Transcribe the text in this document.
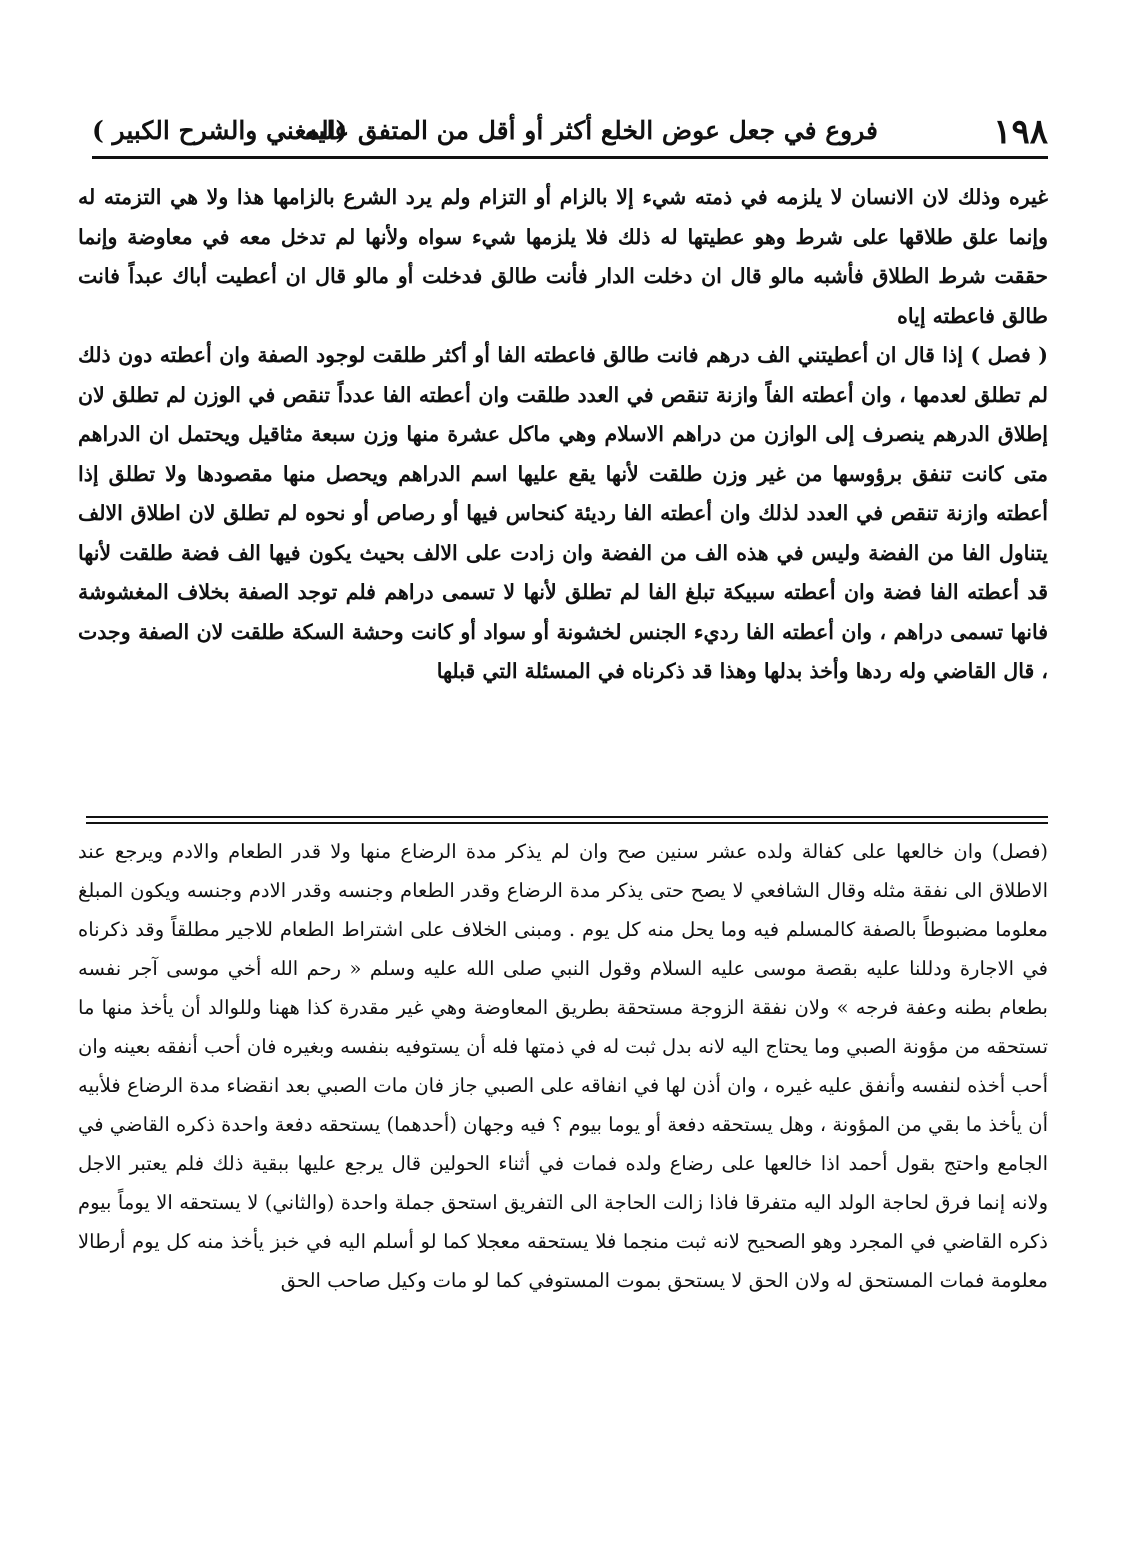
١٩٨
فروع في جعل عوض الخلع أكثر أو أقل من المتفق عليه
(المغني والشرح الكبير )

غيره وذلك لان الانسان لا يلزمه في ذمته شيء إلا بالزام أو التزام ولم يرد الشرع بالزامها هذا ولا هي التزمته له وإنما علق طلاقها على شرط وهو عطيتها له ذلك فلا يلزمها شيء سواه ولأنها لم تدخل معه في معاوضة وإنما حققت شرط الطلاق فأشبه مالو قال ان دخلت الدار فأنت طالق فدخلت أو مالو قال ان أعطيت أباك عبداً فانت طالق فاعطته إياه

( فصل ) إذا قال ان أعطيتني الف درهم فانت طالق فاعطته الفا أو أكثر طلقت لوجود الصفة وان أعطته دون ذلك لم تطلق لعدمها ، وان أعطته الفاً وازنة تنقص في العدد طلقت وان أعطته الفا عدداً تنقص في الوزن لم تطلق لان إطلاق الدرهم ينصرف إلى الوازن من دراهم الاسلام وهي ماكل عشرة منها وزن سبعة مثاقيل ويحتمل ان الدراهم متى كانت تنفق برؤوسها من غير وزن طلقت لأنها يقع عليها اسم الدراهم ويحصل منها مقصودها ولا تطلق إذا أعطته وازنة تنقص في العدد لذلك وان أعطته الفا رديئة كنحاس فيها أو رصاص أو نحوه لم تطلق لان اطلاق الالف يتناول الفا من الفضة وليس في هذه الف من الفضة وان زادت على الالف بحيث يكون فيها الف فضة طلقت لأنها قد أعطته الفا فضة وان أعطته سبيكة تبلغ الفا لم تطلق لأنها لا تسمى دراهم فلم توجد الصفة بخلاف المغشوشة فانها تسمى دراهم ، وان أعطته الفا رديء الجنس لخشونة أو سواد أو كانت وحشة السكة طلقت لان الصفة وجدت ، قال القاضي وله ردها وأخذ بدلها وهذا قد ذكرناه في المسئلة التي قبلها

(فصل) وان خالعها على كفالة ولده عشر سنين صح وان لم يذكر مدة الرضاع منها ولا قدر الطعام والادم ويرجع عند الاطلاق الى نفقة مثله وقال الشافعي لا يصح حتى يذكر مدة الرضاع وقدر الطعام وجنسه وقدر الادم وجنسه ويكون المبلغ معلوما مضبوطاً بالصفة كالمسلم فيه وما يحل منه كل يوم . ومبنى الخلاف على اشتراط الطعام للاجير مطلقاً وقد ذكرناه في الاجارة ودللنا عليه بقصة موسى عليه السلام وقول النبي صلى الله عليه وسلم « رحم الله أخي موسى آجر نفسه بطعام بطنه وعفة فرجه » ولان نفقة الزوجة مستحقة بطريق المعاوضة وهي غير مقدرة كذا ههنا وللوالد أن يأخذ منها ما تستحقه من مؤونة الصبي وما يحتاج اليه لانه بدل ثبت له في ذمتها فله أن يستوفيه بنفسه وبغيره فان أحب أنفقه بعينه وان أحب أخذه لنفسه وأنفق عليه غيره ، وان أذن لها في انفاقه على الصبي جاز فان مات الصبي بعد انقضاء مدة الرضاع فلأبيه أن يأخذ ما بقي من المؤونة ، وهل يستحقه دفعة أو يوما بيوم ؟ فيه وجهان (أحدهما) يستحقه دفعة واحدة ذكره القاضي في الجامع واحتج بقول أحمد اذا خالعها على رضاع ولده فمات في أثناء الحولين قال يرجع عليها ببقية ذلك فلم يعتبر الاجل ولانه إنما فرق لحاجة الولد اليه متفرقا فاذا زالت الحاجة الى التفريق استحق جملة واحدة (والثاني) لا يستحقه الا يوماً بيوم ذكره القاضي في المجرد وهو الصحيح لانه ثبت منجما فلا يستحقه معجلا كما لو أسلم اليه في خبز يأخذ منه كل يوم أرطالا معلومة فمات المستحق له ولان الحق لا يستحق بموت المستوفي كما لو مات وكيل صاحب الحق
